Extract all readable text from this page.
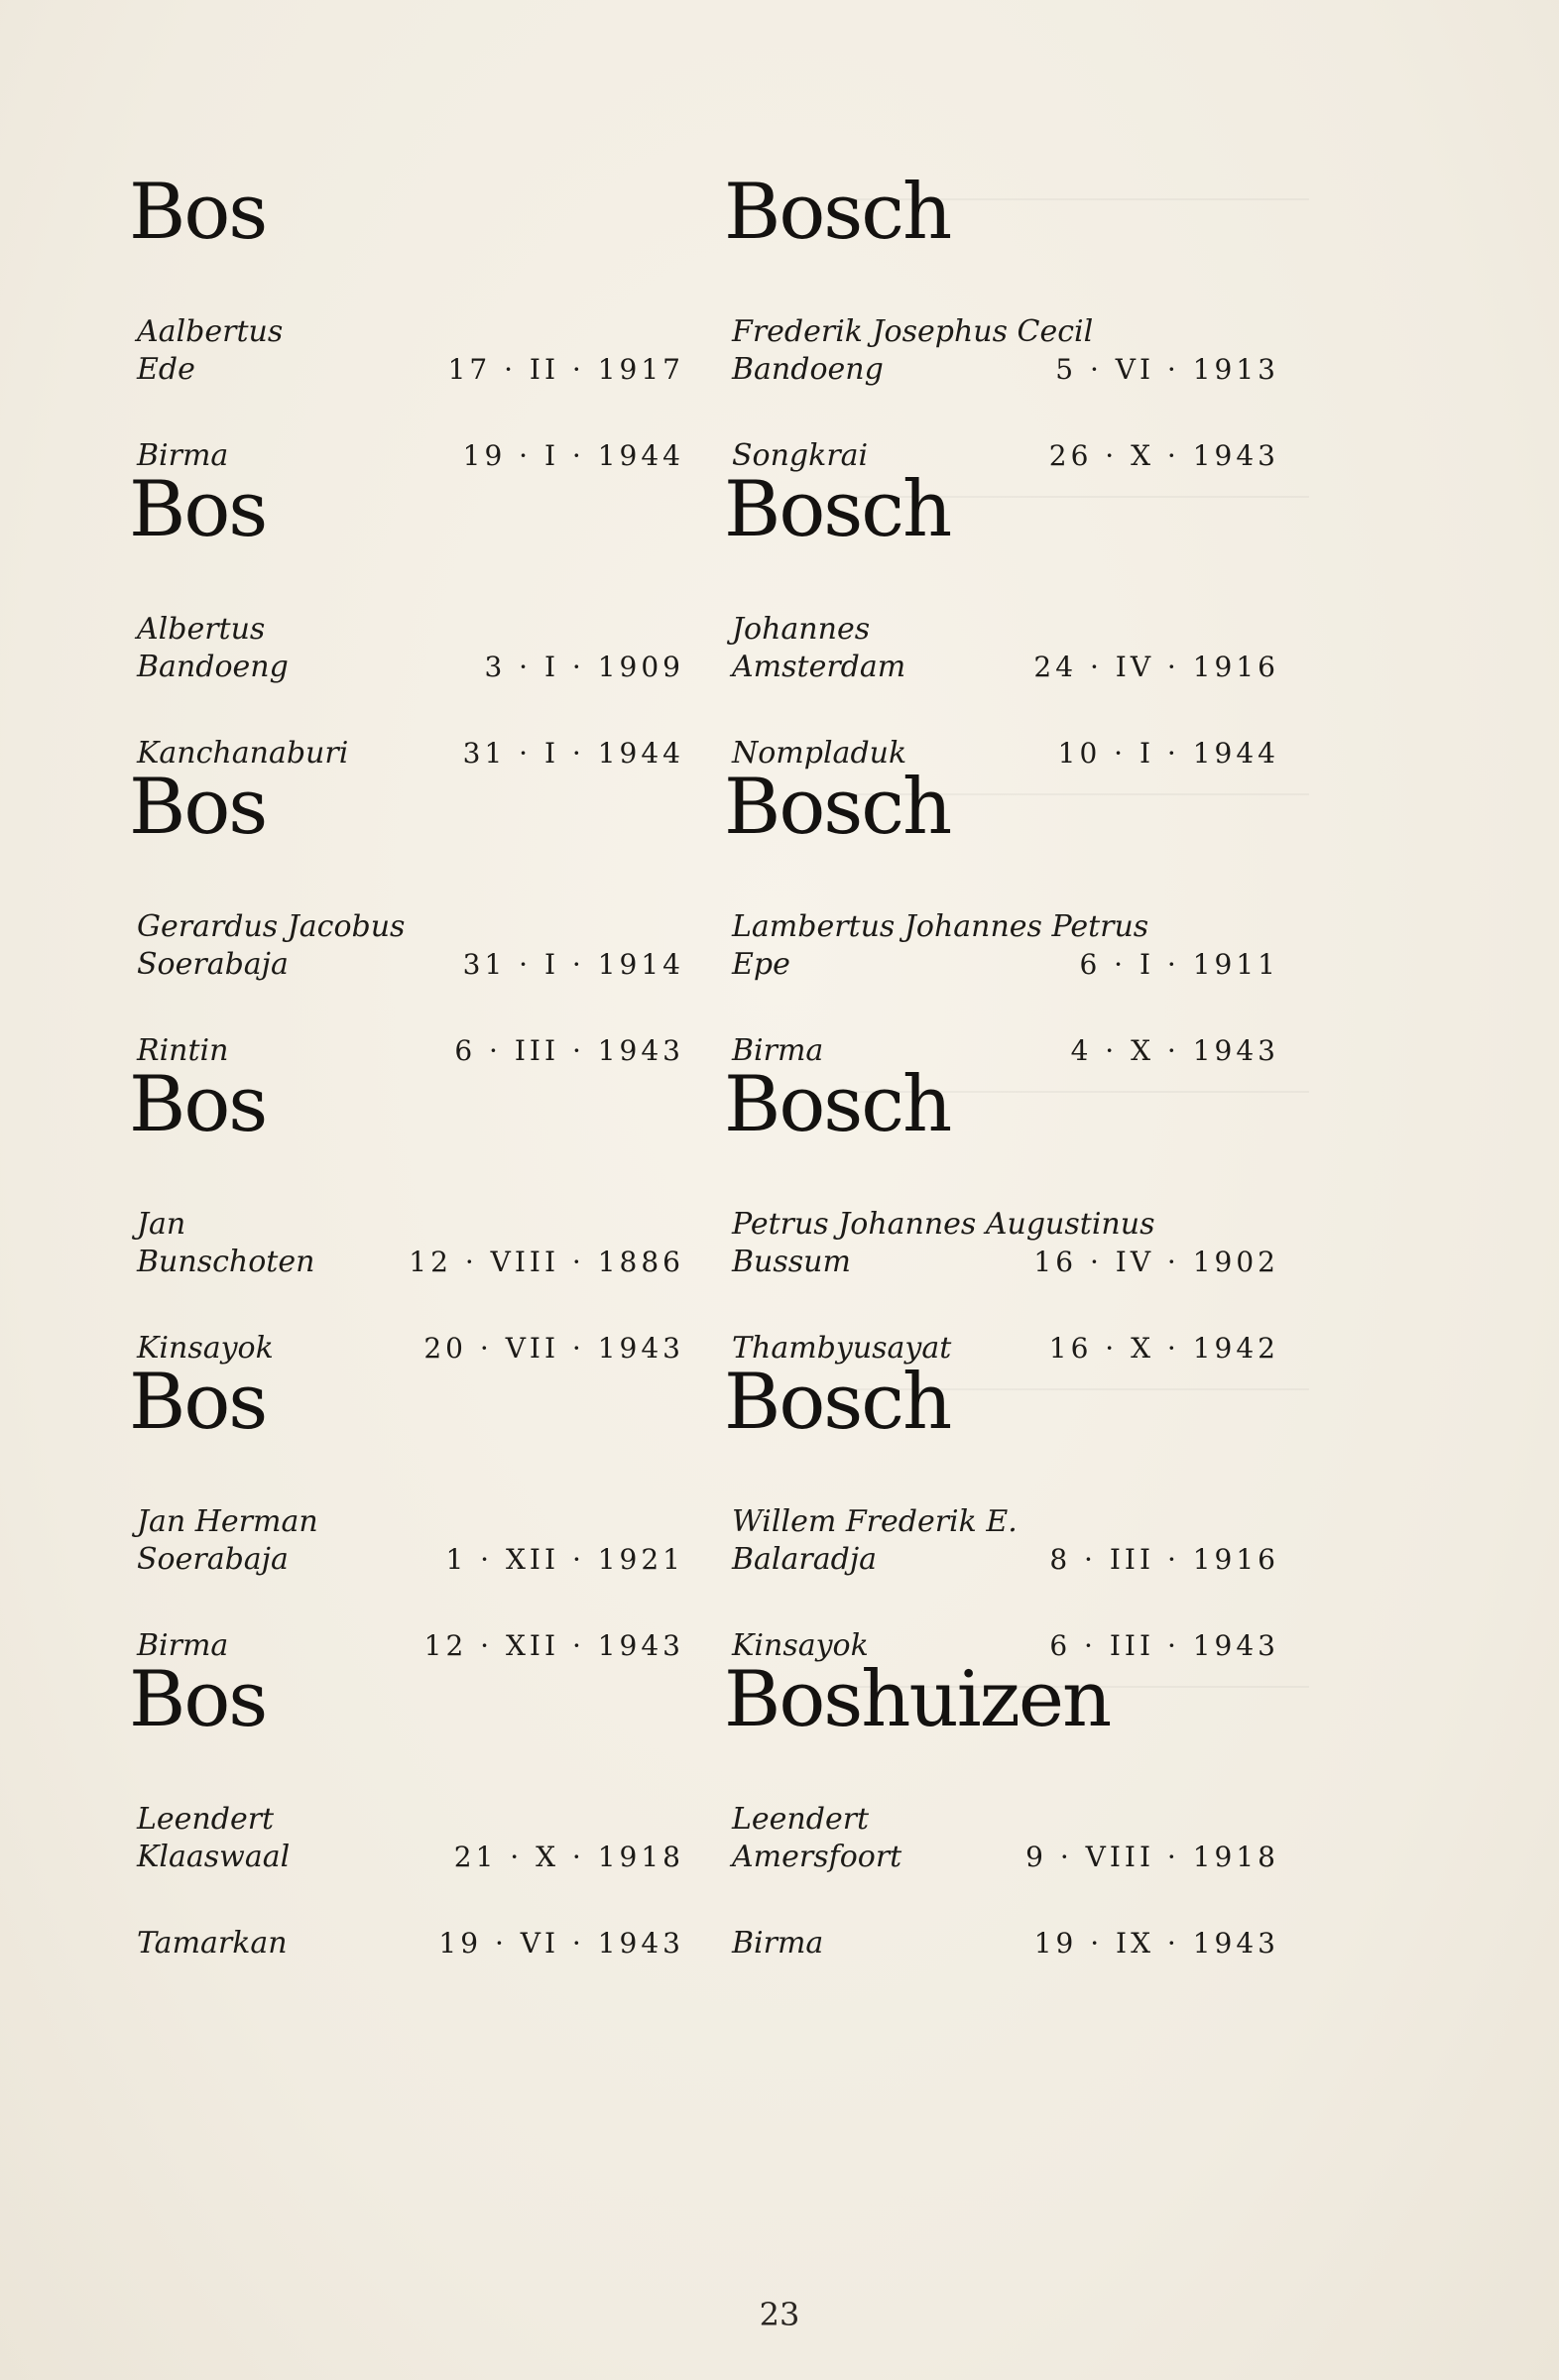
Bos
Aalbertus
Ede	17 · II · 1917
Birma	19 · I · 1944
Bos
Albertus
Bandoeng	3 · I · 1909
Kanchanaburi	31 · I · 1944
Bos
Gerardus Jacobus
Soerabaja	31 · I · 1914
Rintin	6 · III · 1943
Bos
Jan
Bunschoten	12 · VIII · 1886
Kinsayok	20 · VII · 1943
Bos
Jan Herman
Soerabaja	1 · XII · 1921
Birma	12 · XII · 1943
Bos
Leendert
Klaaswaal	21 · X · 1918
Tamarkan	19 · VI · 1943
Bosch
Frederik Josephus Cecil
Bandoeng	5 · VI · 1913
Songkrai	26 · X · 1943
Bosch
Johannes
Amsterdam	24 · IV · 1916
Nompladuk	10 · I · 1944
Bosch
Lambertus Johannes Petrus
Epe	6 · I · 1911
Birma	4 · X · 1943
Bosch
Petrus Johannes Augustinus
Bussum	16 · IV · 1902
Thambyusayat	16 · X · 1942
Bosch
Willem Frederik E.
Balaradja	8 · III · 1916
Kinsayok	6 · III · 1943
Boshuizen
Leendert
Amersfoort	9 · VIII · 1918
Birma	19 · IX · 1943
23
